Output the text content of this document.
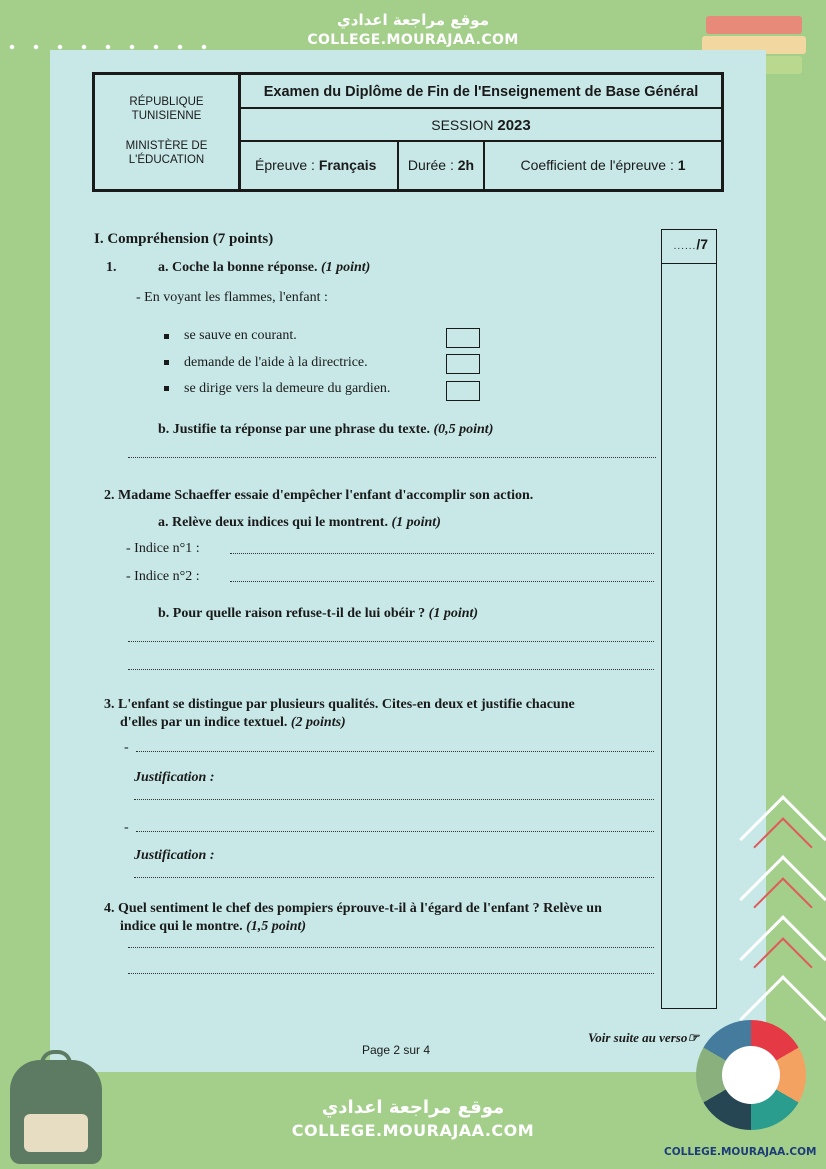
موقع مراجعة اعدادي
COLLEGE.MOURAJAA.COM
RÉPUBLIQUE TUNISIENNE
MINISTÈRE DE L'ÉDUCATION
Examen du Diplôme de Fin de l'Enseignement de Base Général
SESSION 2023
Épreuve : Français	Durée : 2h	Coefficient de l'épreuve : 1
....../7
I. Compréhension (7 points)
1.	a. Coche la bonne réponse. (1 point)
- En voyant les flammes, l'enfant :
se sauve en courant.
demande de l'aide à la directrice.
se dirige vers la demeure du gardien.
b. Justifie ta réponse par une phrase du texte. (0,5 point)
2. Madame Schaeffer essaie d'empêcher l'enfant d'accomplir son action.
a. Relève deux indices qui le montrent. (1 point)
- Indice n°1 :
- Indice n°2 :
b. Pour quelle raison refuse-t-il de lui obéir ? (1 point)
3. L'enfant se distingue par plusieurs qualités. Cites-en deux et justifie chacune
d'elles par un indice textuel. (2 points)
-
Justification :
-
Justification :
4. Quel sentiment le chef des pompiers éprouve-t-il à l'égard de l'enfant ? Relève un
indice qui le montre. (1,5 point)
Voir suite au verso☞
Page 2 sur 4
موقع مراجعة اعدادي
COLLEGE.MOURAJAA.COM
COLLEGE.MOURAJAA.COM
